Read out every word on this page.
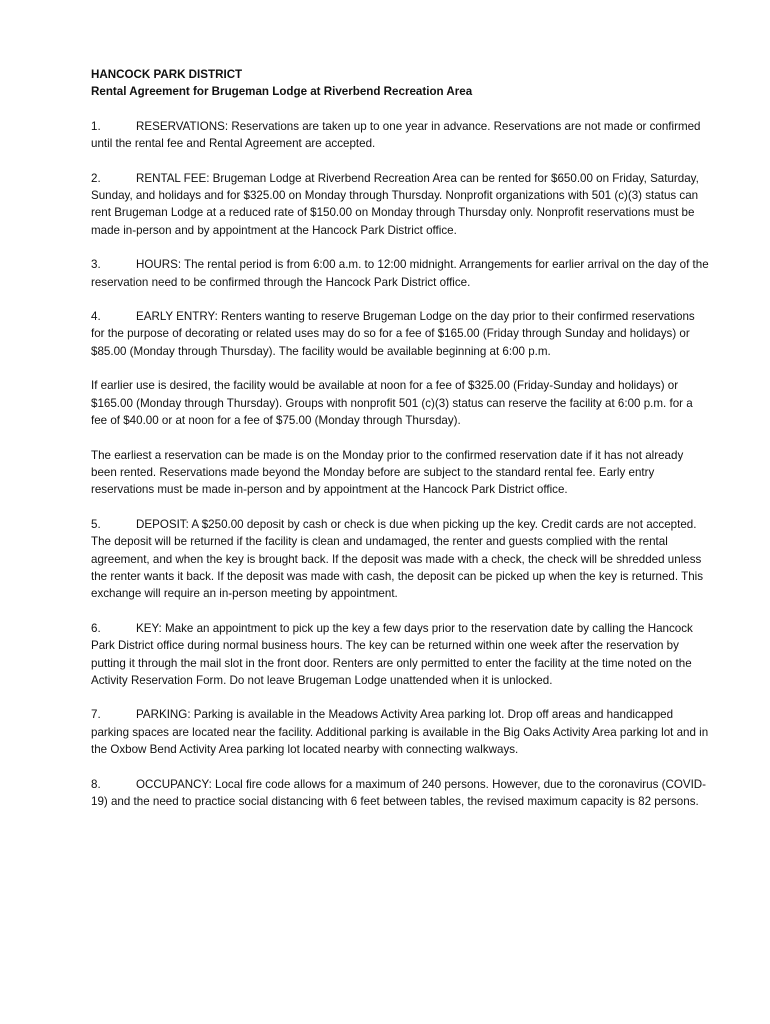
HANCOCK PARK DISTRICT

Rental Agreement for Brugeman Lodge at Riverbend Recreation Area

1.	RESERVATIONS: Reservations are taken up to one year in advance. Reservations are not made or confirmed until the rental fee and Rental Agreement are accepted.

2.	RENTAL FEE: Brugeman Lodge at Riverbend Recreation Area can be rented for $650.00 on Friday, Saturday, Sunday, and holidays and for $325.00 on Monday through Thursday. Nonprofit organizations with 501 (c)(3) status can rent Brugeman Lodge at a reduced rate of $150.00 on Monday through Thursday only. Nonprofit reservations must be made in-person and by appointment at the Hancock Park District office.

3.	HOURS: The rental period is from 6:00 a.m. to 12:00 midnight. Arrangements for earlier arrival on the day of the reservation need to be confirmed through the Hancock Park District office.

4.	EARLY ENTRY: Renters wanting to reserve Brugeman Lodge on the day prior to their confirmed reservations for the purpose of decorating or related uses may do so for a fee of $165.00 (Friday through Sunday and holidays) or $85.00 (Monday through Thursday). The facility would be available beginning at 6:00 p.m.

If earlier use is desired, the facility would be available at noon for a fee of $325.00 (Friday-Sunday and holidays) or $165.00 (Monday through Thursday). Groups with nonprofit 501 (c)(3) status can reserve the facility at 6:00 p.m. for a fee of $40.00 or at noon for a fee of $75.00 (Monday through Thursday).

The earliest a reservation can be made is on the Monday prior to the confirmed reservation date if it has not already been rented. Reservations made beyond the Monday before are subject to the standard rental fee. Early entry reservations must be made in-person and by appointment at the Hancock Park District office.

5.	DEPOSIT: A $250.00 deposit by cash or check is due when picking up the key. Credit cards are not accepted. The deposit will be returned if the facility is clean and undamaged, the renter and guests complied with the rental agreement, and when the key is brought back. If the deposit was made with a check, the check will be shredded unless the renter wants it back. If the deposit was made with cash, the deposit can be picked up when the key is returned. This exchange will require an in-person meeting by appointment.

6.	KEY: Make an appointment to pick up the key a few days prior to the reservation date by calling the Hancock Park District office during normal business hours. The key can be returned within one week after the reservation by putting it through the mail slot in the front door. Renters are only permitted to enter the facility at the time noted on the Activity Reservation Form. Do not leave Brugeman Lodge unattended when it is unlocked.

7.	PARKING: Parking is available in the Meadows Activity Area parking lot. Drop off areas and handicapped parking spaces are located near the facility. Additional parking is available in the Big Oaks Activity Area parking lot and in the Oxbow Bend Activity Area parking lot located nearby with connecting walkways.

8.	OCCUPANCY: Local fire code allows for a maximum of 240 persons. However, due to the coronavirus (COVID-19) and the need to practice social distancing with 6 feet between tables, the revised maximum capacity is 82 persons.
